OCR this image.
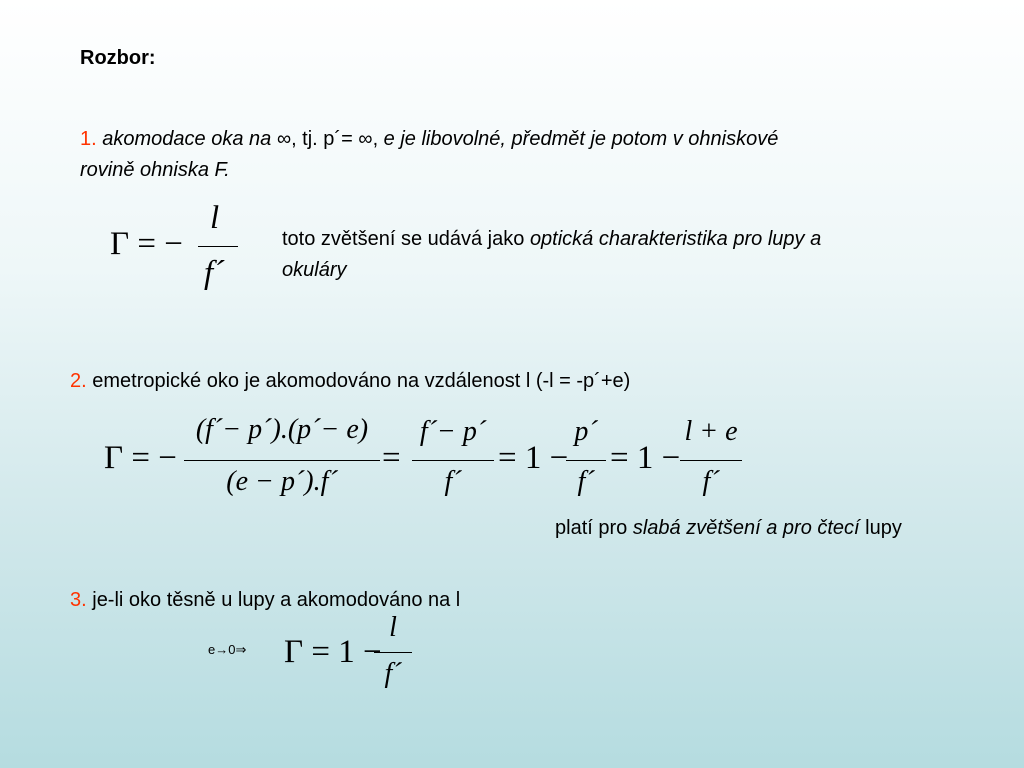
Rozbor:
1. akomodace oka na ∞, tj. p´= ∞, e je libovolné, předmět je potom v ohniskové
rovině ohniska F.
Γ = −
l
f´
toto zvětšení se udává jako optická charakteristika pro lupy a
okuláry
2. emetropické oko je akomodováno na vzdálenost l (-l = -p´+e)
Γ = −
(f´− p´).(p´− e)
(e − p´).f´
=
f´− p´
f´
= 1 −
p´
f´
= 1 −
l + e
f´
platí pro slabá zvětšení a pro čtecí lupy
3. je-li oko těsně u lupy a akomodováno na l
e→0⇒ Γ = 1 −
l
f´
